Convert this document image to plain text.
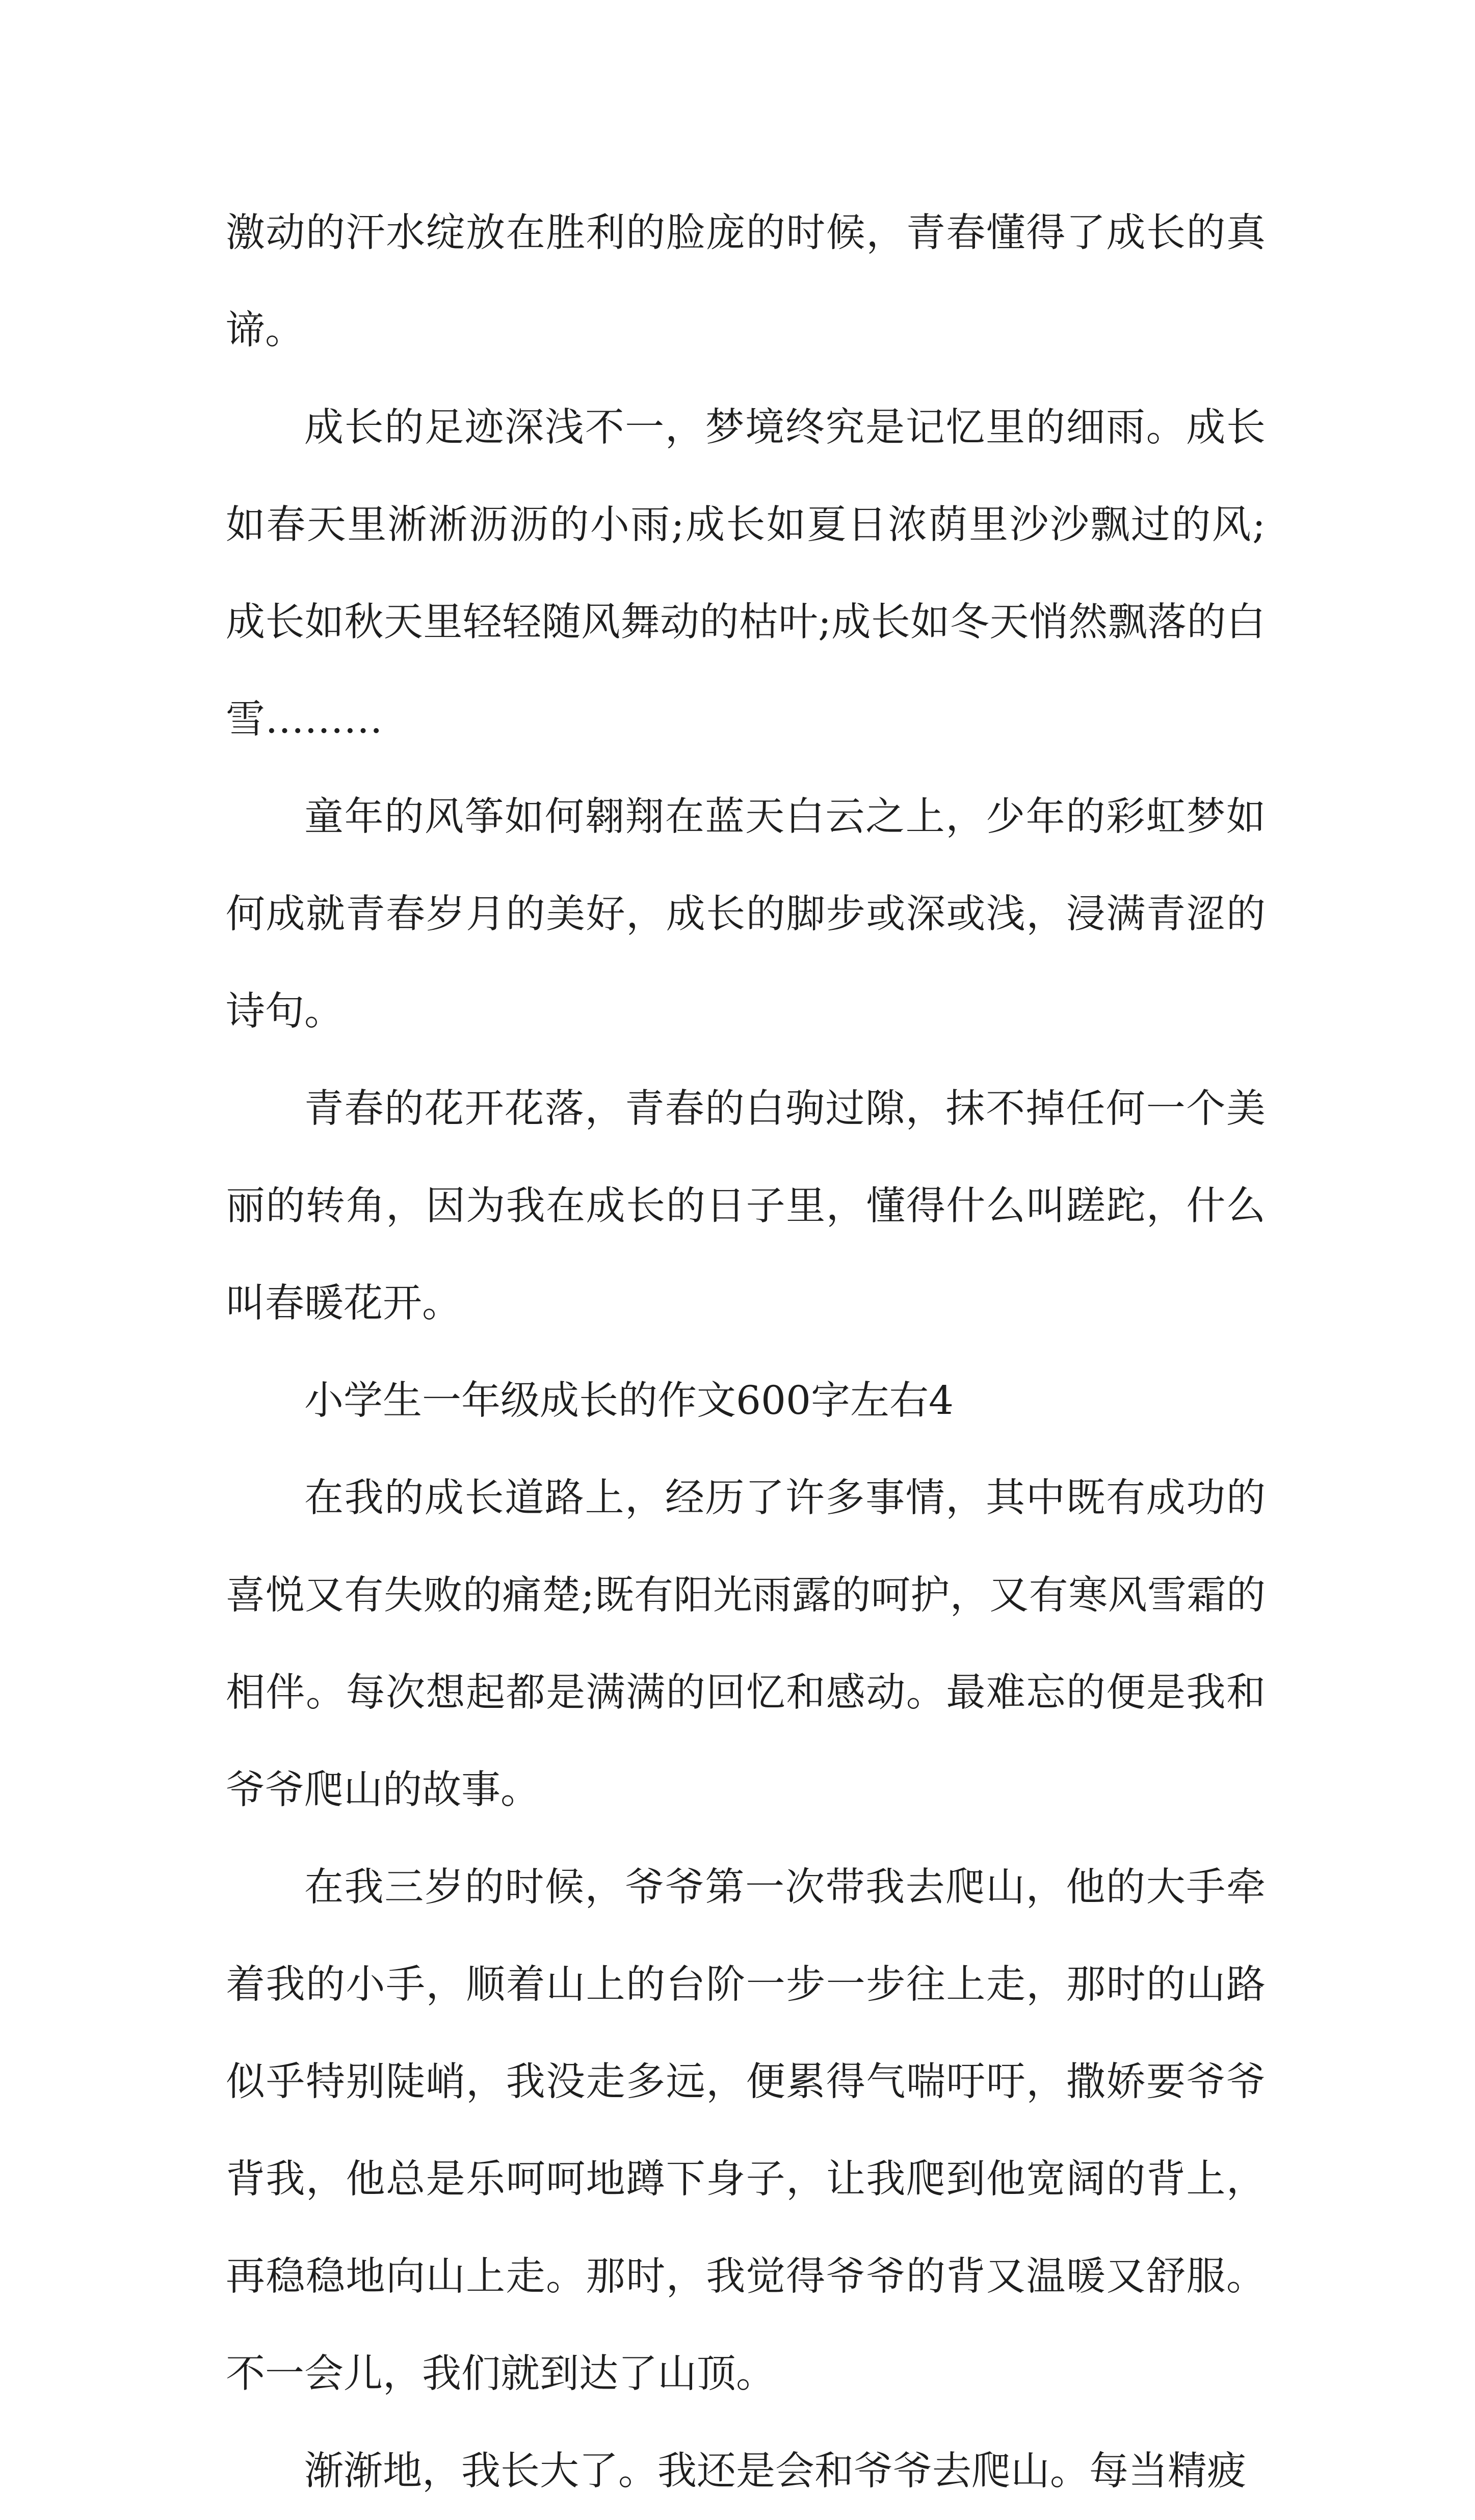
激动的汗水绽放在胜利的脸庞的时候，青春懂得了成长的真谛。

成长的足迹深浅不一，梦境终究是记忆里的细雨。成长如春天里淅淅沥沥的小雨;成长如夏日浓荫里沙沙飘过的风;成长如秋天里轻轻随风舞动的枯叶;成长如冬天悄然飘落的白雪………

童年的风筝如何翱翔在蓝天白云之上，少年的彩虹梦如何成就青春岁月的美好，成长的脚步或深或浅，浸满青涩的诗句。

青春的花开花落，青春的白驹过隙，抹不掉任何一个美丽的转角，因为我在成长的日子里，懂得什么叫蹉跎，什么叫春暖花开。

小学生一年级成长的作文600字左右4

在我的成长道路上，经历了许多事情，其中既有成功的喜悦又有失败的痛楚;既有阳光雨露的呵护，又有寒风雪霜的相伴。每次想起都是满满的回忆和感动。最难忘的便是我和爷爷爬山的故事。

在我三岁的时候，爷爷第一次带我去爬山，他的大手牵着我的小手，顺着山上的台阶一步一步往上走，那时的山路似乎特别陡峭，我没走多远，便累得气喘吁吁，撒娇要爷爷背我，他总是乐呵呵地蹲下身子，让我爬到他宽阔的背上，再稳稳地向山上走。那时，我觉得爷爷的背又温暖又舒服。不一会儿，我们就到达了山顶。

渐渐地，我长大了。我还是会和爷爷去爬山。每当精疲
